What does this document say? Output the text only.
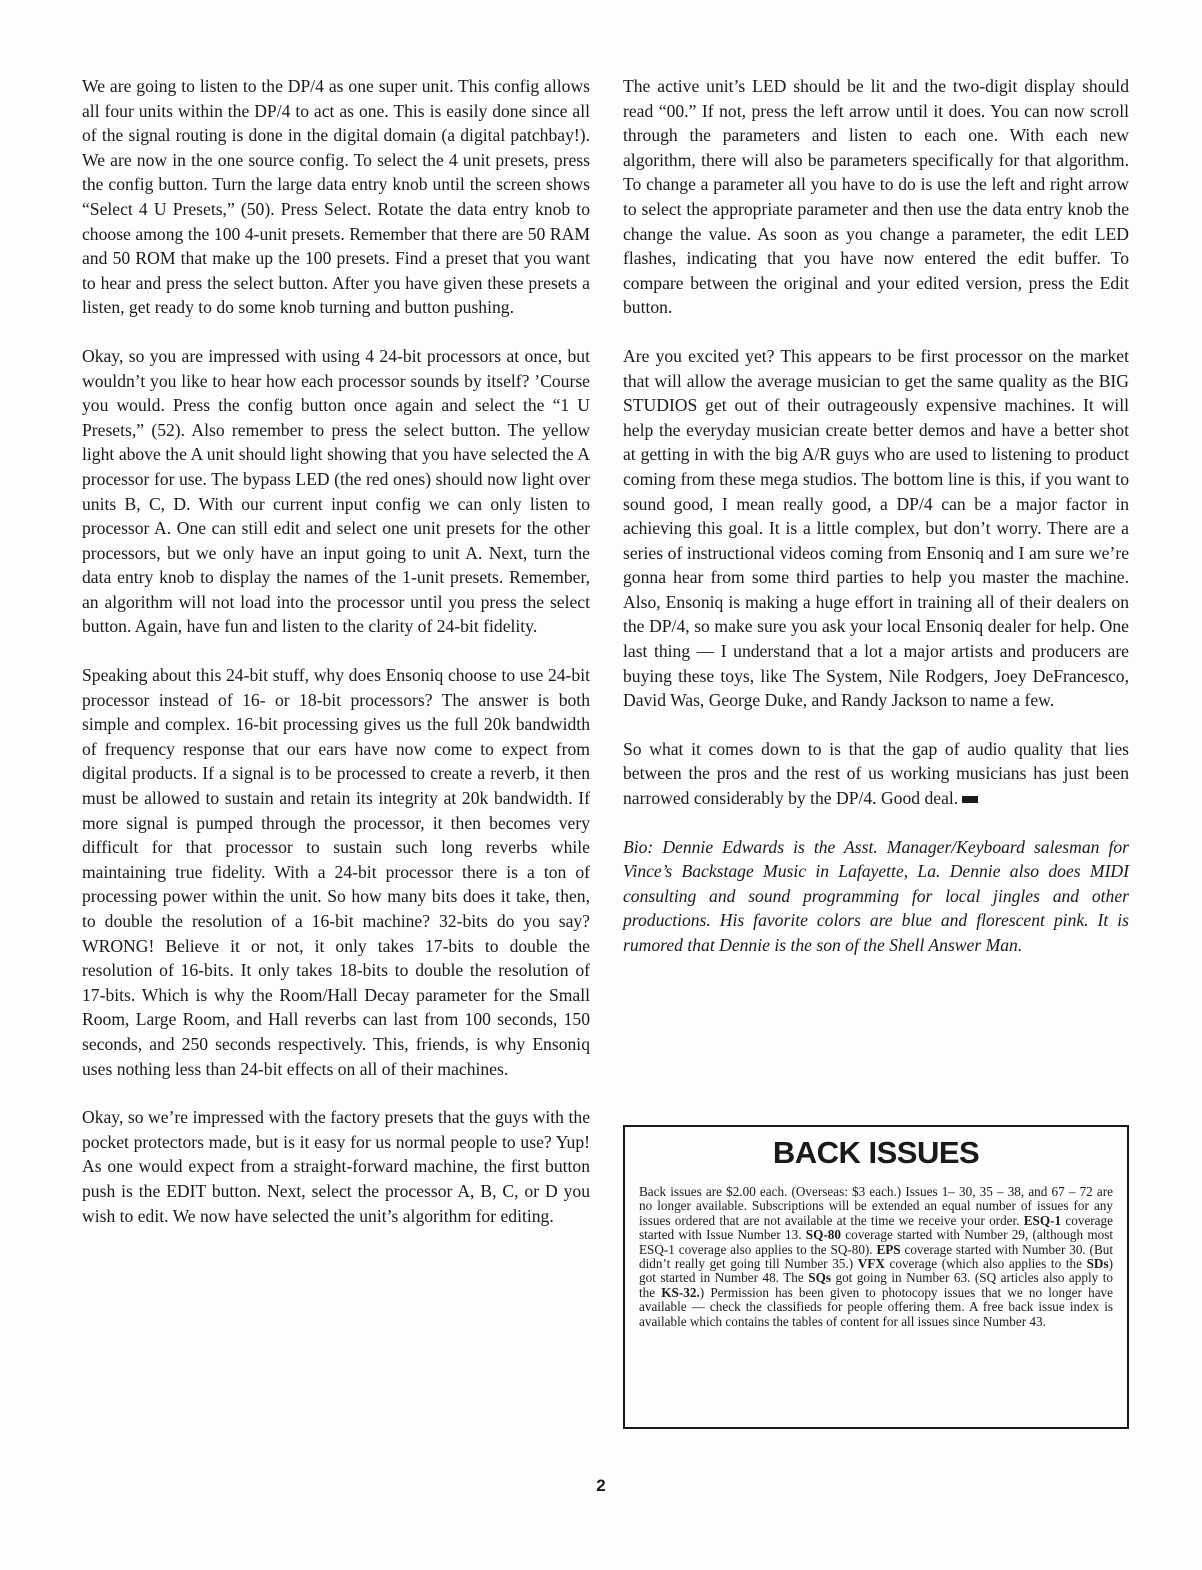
We are going to listen to the DP/4 as one super unit. This config allows all four units within the DP/4 to act as one. This is easily done since all of the signal routing is done in the digital domain (a digital patchbay!). We are now in the one source config. To select the 4 unit presets, press the config button. Turn the large data entry knob until the screen shows “Select 4 U Presets,” (50). Press Select. Rotate the data entry knob to choose among the 100 4-unit presets. Remember that there are 50 RAM and 50 ROM that make up the 100 presets. Find a preset that you want to hear and press the select button. After you have given these presets a listen, get ready to do some knob turning and button pushing.

Okay, so you are impressed with using 4 24-bit processors at once, but wouldn’t you like to hear how each processor sounds by itself? ’Course you would. Press the config button once again and select the “1 U Presets,” (52). Also remember to press the select button. The yellow light above the A unit should light showing that you have selected the A processor for use. The bypass LED (the red ones) should now light over units B, C, D. With our current input config we can only listen to processor A. One can still edit and select one unit presets for the other processors, but we only have an input going to unit A. Next, turn the data entry knob to display the names of the 1-unit presets. Remember, an algorithm will not load into the processor until you press the select button. Again, have fun and listen to the clarity of 24-bit fidelity.

Speaking about this 24-bit stuff, why does Ensoniq choose to use 24-bit processor instead of 16- or 18-bit processors? The answer is both simple and complex. 16-bit processing gives us the full 20k bandwidth of frequency response that our ears have now come to expect from digital products. If a signal is to be processed to create a reverb, it then must be allowed to sustain and retain its integrity at 20k bandwidth. If more signal is pumped through the processor, it then becomes very difficult for that processor to sustain such long reverbs while maintaining true fidelity. With a 24-bit processor there is a ton of processing power within the unit. So how many bits does it take, then, to double the resolution of a 16-bit machine? 32-bits do you say? WRONG! Believe it or not, it only takes 17-bits to double the resolution of 16-bits. It only takes 18-bits to double the resolution of 17-bits. Which is why the Room/Hall Decay parameter for the Small Room, Large Room, and Hall reverbs can last from 100 seconds, 150 seconds, and 250 seconds respectively. This, friends, is why Ensoniq uses nothing less than 24-bit effects on all of their machines.

Okay, so we’re impressed with the factory presets that the guys with the pocket protectors made, but is it easy for us normal people to use? Yup! As one would expect from a straight-forward machine, the first button push is the EDIT button. Next, select the processor A, B, C, or D you wish to edit. We now have selected the unit’s algorithm for editing.

The active unit’s LED should be lit and the two-digit display should read “00.” If not, press the left arrow until it does. You can now scroll through the parameters and listen to each one. With each new algorithm, there will also be parameters specifically for that algorithm. To change a parameter all you have to do is use the left and right arrow to select the appropriate parameter and then use the data entry knob the change the value. As soon as you change a parameter, the edit LED flashes, indicating that you have now entered the edit buffer. To compare between the original and your edited version, press the Edit button.

Are you excited yet? This appears to be first processor on the market that will allow the average musician to get the same quality as the BIG STUDIOS get out of their outrageously expensive machines. It will help the everyday musician create better demos and have a better shot at getting in with the big A/R guys who are used to listening to product coming from these mega studios. The bottom line is this, if you want to sound good, I mean really good, a DP/4 can be a major factor in achieving this goal. It is a little complex, but don’t worry. There are a series of instructional videos coming from Ensoniq and I am sure we’re gonna hear from some third parties to help you master the machine. Also, Ensoniq is making a huge effort in training all of their dealers on the DP/4, so make sure you ask your local Ensoniq dealer for help. One last thing — I understand that a lot a major artists and producers are buying these toys, like The System, Nile Rodgers, Joey DeFrancesco, David Was, George Duke, and Randy Jackson to name a few.

So what it comes down to is that the gap of audio quality that lies between the pros and the rest of us working musicians has just been narrowed considerably by the DP/4. Good deal.

Bio: Dennie Edwards is the Asst. Manager/Keyboard salesman for Vince’s Backstage Music in Lafayette, La. Dennie also does MIDI consulting and sound programming for local jingles and other productions. His favorite colors are blue and florescent pink. It is rumored that Dennie is the son of the Shell Answer Man.

BACK ISSUES

Back issues are $2.00 each. (Overseas: $3 each.) Issues 1– 30, 35 – 38, and 67 – 72 are no longer available. Subscriptions will be extended an equal number of issues for any issues ordered that are not available at the time we receive your order. ESQ-1 coverage started with Issue Number 13. SQ-80 coverage started with Number 29, (although most ESQ-1 coverage also applies to the SQ-80). EPS coverage started with Number 30. (But didn’t really get going till Number 35.) VFX coverage (which also applies to the SDs) got started in Number 48. The SQs got going in Number 63. (SQ articles also apply to the KS-32.) Permission has been given to photocopy issues that we no longer have available — check the classifieds for people offering them. A free back issue index is available which contains the tables of content for all issues since Number 43.

2
